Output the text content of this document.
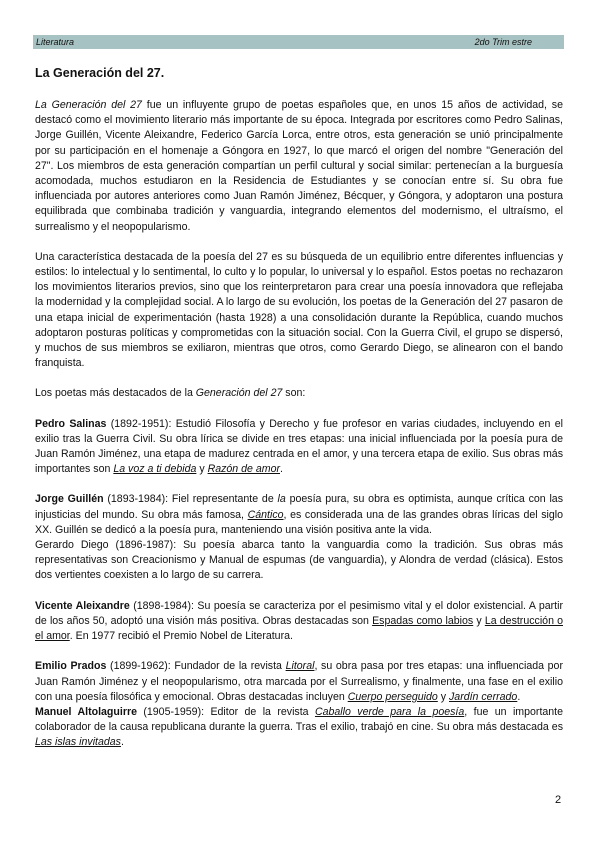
Literatura	2do Trim estre
La Generación del 27.

La Generación del 27 fue un influyente grupo de poetas españoles que, en unos 15 años de actividad, se destacó como el movimiento literario más importante de su época. Integrada por escritores como Pedro Salinas, Jorge Guillén, Vicente Aleixandre, Federico García Lorca, entre otros, esta generación se unió principalmente por su participación en el homenaje a Góngora en 1927, lo que marcó el origen del nombre "Generación del 27". Los miembros de esta generación compartían un perfil cultural y social similar: pertenecían a la burguesía acomodada, muchos estudiaron en la Residencia de Estudiantes y se conocían entre sí. Su obra fue influenciada por autores anteriores como Juan Ramón Jiménez, Bécquer, y Góngora, y adoptaron una postura equilibrada que combinaba tradición y vanguardia, integrando elementos del modernismo, el ultraísmo, el surrealismo y el neopopularismo.

Una característica destacada de la poesía del 27 es su búsqueda de un equilibrio entre diferentes influencias y estilos: lo intelectual y lo sentimental, lo culto y lo popular, lo universal y lo español. Estos poetas no rechazaron los movimientos literarios previos, sino que los reinterpretaron para crear una poesía innovadora que reflejaba la modernidad y la complejidad social. A lo largo de su evolución, los poetas de la Generación del 27 pasaron de una etapa inicial de experimentación (hasta 1928) a una consolidación durante la República, cuando muchos adoptaron posturas políticas y comprometidas con la situación social. Con la Guerra Civil, el grupo se dispersó, y muchos de sus miembros se exiliaron, mientras que otros, como Gerardo Diego, se alinearon con el bando franquista.

Los poetas más destacados de la Generación del 27 son:

Pedro Salinas (1892-1951): Estudió Filosofía y Derecho y fue profesor en varias ciudades, incluyendo en el exilio tras la Guerra Civil. Su obra lírica se divide en tres etapas: una inicial influenciada por la poesía pura de Juan Ramón Jiménez, una etapa de madurez centrada en el amor, y una tercera etapa de exilio. Sus obras más importantes son La voz a ti debida y Razón de amor.

Jorge Guillén (1893-1984): Fiel representante de la poesía pura, su obra es optimista, aunque crítica con las injusticias del mundo. Su obra más famosa, Cántico, es considerada una de las grandes obras líricas del siglo XX. Guillén se dedicó a la poesía pura, manteniendo una visión positiva ante la vida.

Gerardo Diego (1896-1987): Su poesía abarca tanto la vanguardia como la tradición. Sus obras más representativas son Creacionismo y Manual de espumas (de vanguardia), y Alondra de verdad (clásica). Estos dos vertientes coexisten a lo largo de su carrera.

Vicente Aleixandre (1898-1984): Su poesía se caracteriza por el pesimismo vital y el dolor existencial. A partir de los años 50, adoptó una visión más positiva. Obras destacadas son Espadas como labios y La destrucción o el amor. En 1977 recibió el Premio Nobel de Literatura.

Emilio Prados (1899-1962): Fundador de la revista Litoral, su obra pasa por tres etapas: una influenciada por Juan Ramón Jiménez y el neopopularismo, otra marcada por el Surrealismo, y finalmente, una fase en el exilio con una poesía filosófica y emocional. Obras destacadas incluyen Cuerpo perseguido y Jardín cerrado.

Manuel Altolaguirre (1905-1959): Editor de la revista Caballo verde para la poesía, fue un importante colaborador de la causa republicana durante la guerra. Tras el exilio, trabajó en cine. Su obra más destacada es Las islas invitadas.

2
